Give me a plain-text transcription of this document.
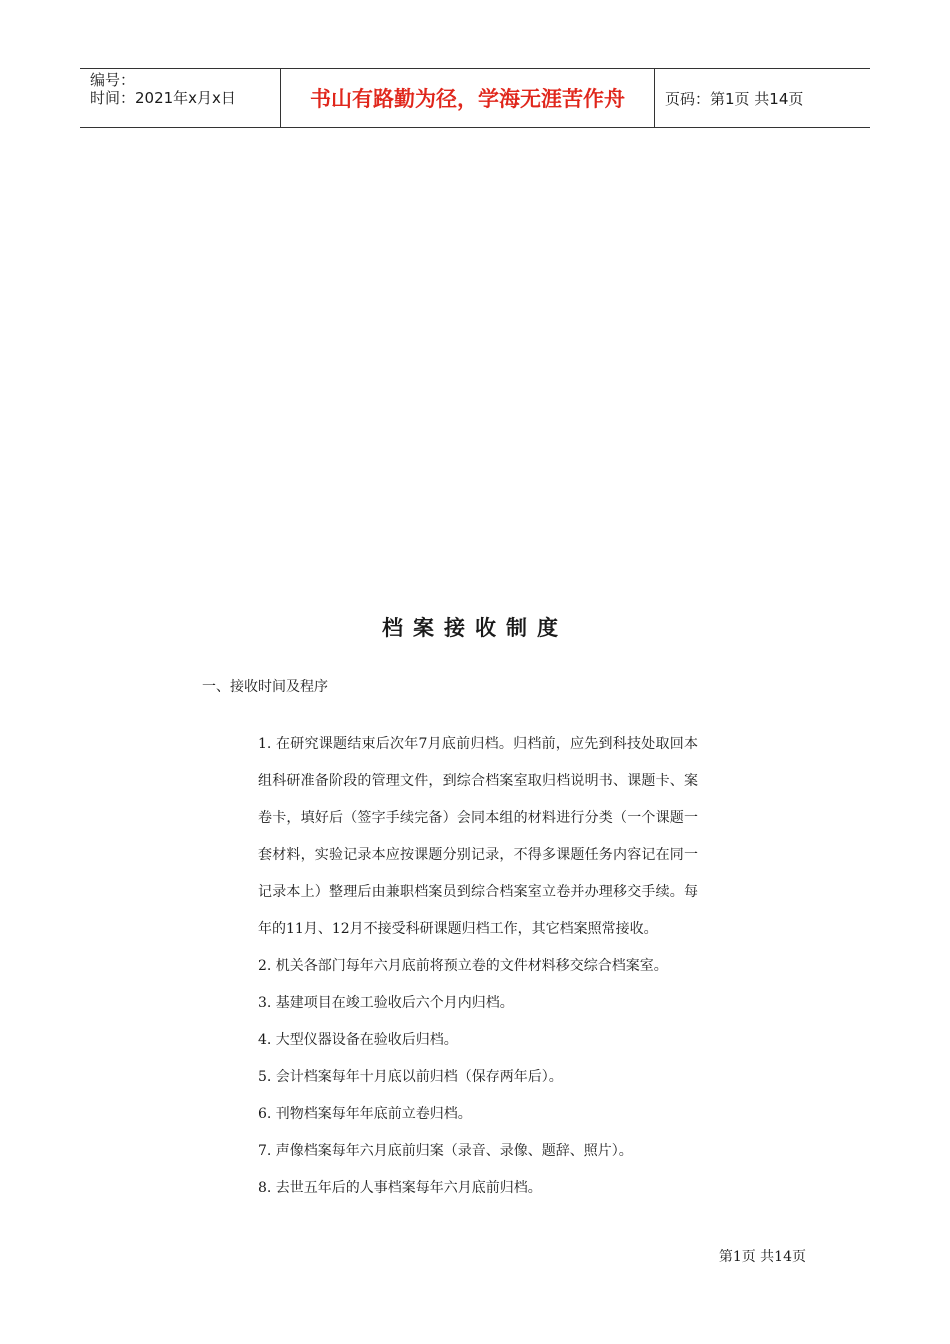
编号：
时间：2021年x月x日	书山有路勤为径，学海无涯苦作舟	页码：第1页 共14页
档案接收制度
一、接收时间及程序

1. 在研究课题结束后次年7月底前归档。归档前，应先到科技处取回本组科研准备阶段的管理文件，到综合档案室取归档说明书、课题卡、案卷卡，填好后（签字手续完备）会同本组的材料进行分类（一个课题一套材料，实验记录本应按课题分别记录，不得多课题任务内容记在同一记录本上）整理后由兼职档案员到综合档案室立卷并办理移交手续。每年的11月、12月不接受科研课题归档工作，其它档案照常接收。

2. 机关各部门每年六月底前将预立卷的文件材料移交综合档案室。

3. 基建项目在竣工验收后六个月内归档。

4. 大型仪器设备在验收后归档。

5. 会计档案每年十月底以前归档（保存两年后）。

6. 刊物档案每年年底前立卷归档。

7. 声像档案每年六月底前归案（录音、录像、题辞、照片）。

8. 去世五年后的人事档案每年六月底前归档。

第1页 共14页
